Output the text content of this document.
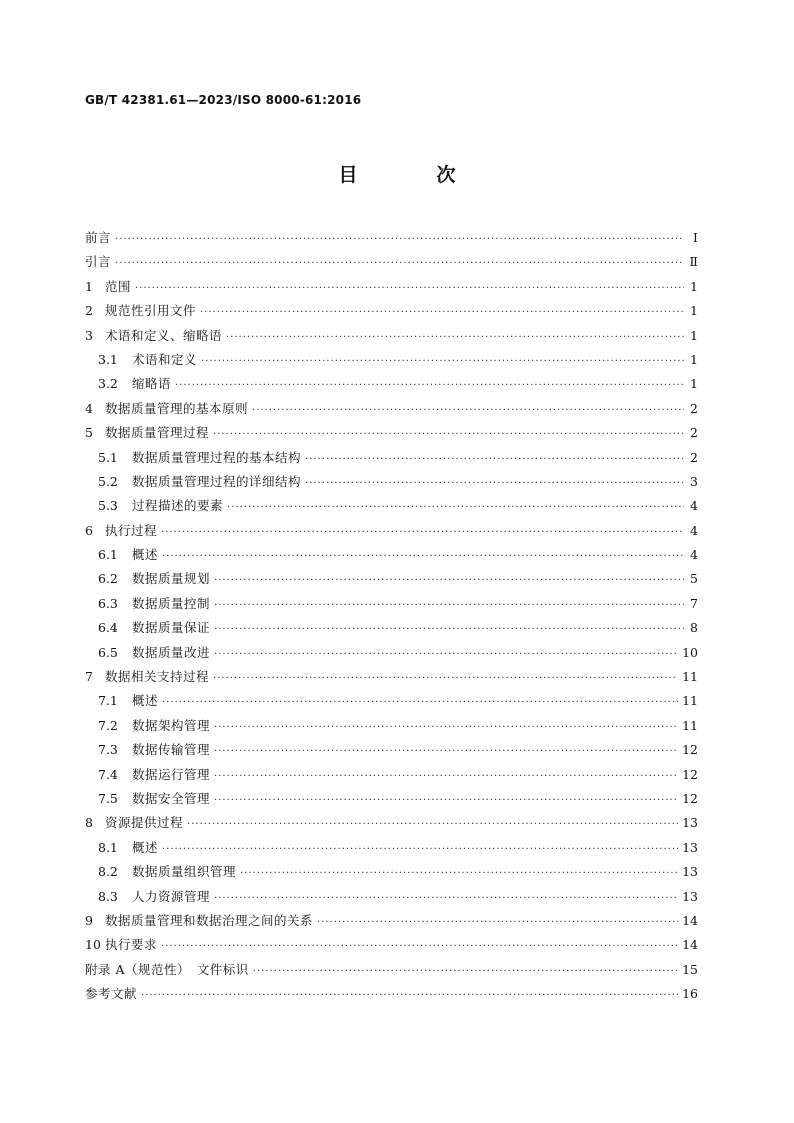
GB/T 42381.61—2023/ISO 8000-61:2016
目　次
前言 ·····	Ⅰ
引言 ·····	Ⅱ
1 范围 ·····	1
2 规范性引用文件 ·····	1
3 术语和定义、缩略语 ·····	1
3.1	术语和定义 ·····	1
3.2	缩略语 ·····	1
4 数据质量管理的基本原则 ·····	2
5 数据质量管理过程 ·····	2
5.1	数据质量管理过程的基本结构 ·····	2
5.2	数据质量管理过程的详细结构 ·····	3
5.3	过程描述的要素 ·····	4
6 执行过程 ·····	4
6.1	概述 ·····	4
6.2	数据质量规划 ·····	5
6.3	数据质量控制 ·····	7
6.4	数据质量保证 ·····	8
6.5	数据质量改进 ·····	10
7 数据相关支持过程 ·····	11
7.1	概述 ·····	11
7.2	数据架构管理 ·····	11
7.3	数据传输管理 ·····	12
7.4	数据运行管理 ·····	12
7.5	数据安全管理 ·····	12
8 资源提供过程 ·····	13
8.1	概述 ·····	13
8.2	数据质量组织管理 ·····	13
8.3	人力资源管理 ·····	13
9 数据质量管理和数据治理之间的关系 ·····	14
10 执行要求 ·····	14
附录 A（规范性）　文件标识 ·····	15
参考文献 ·····	16
